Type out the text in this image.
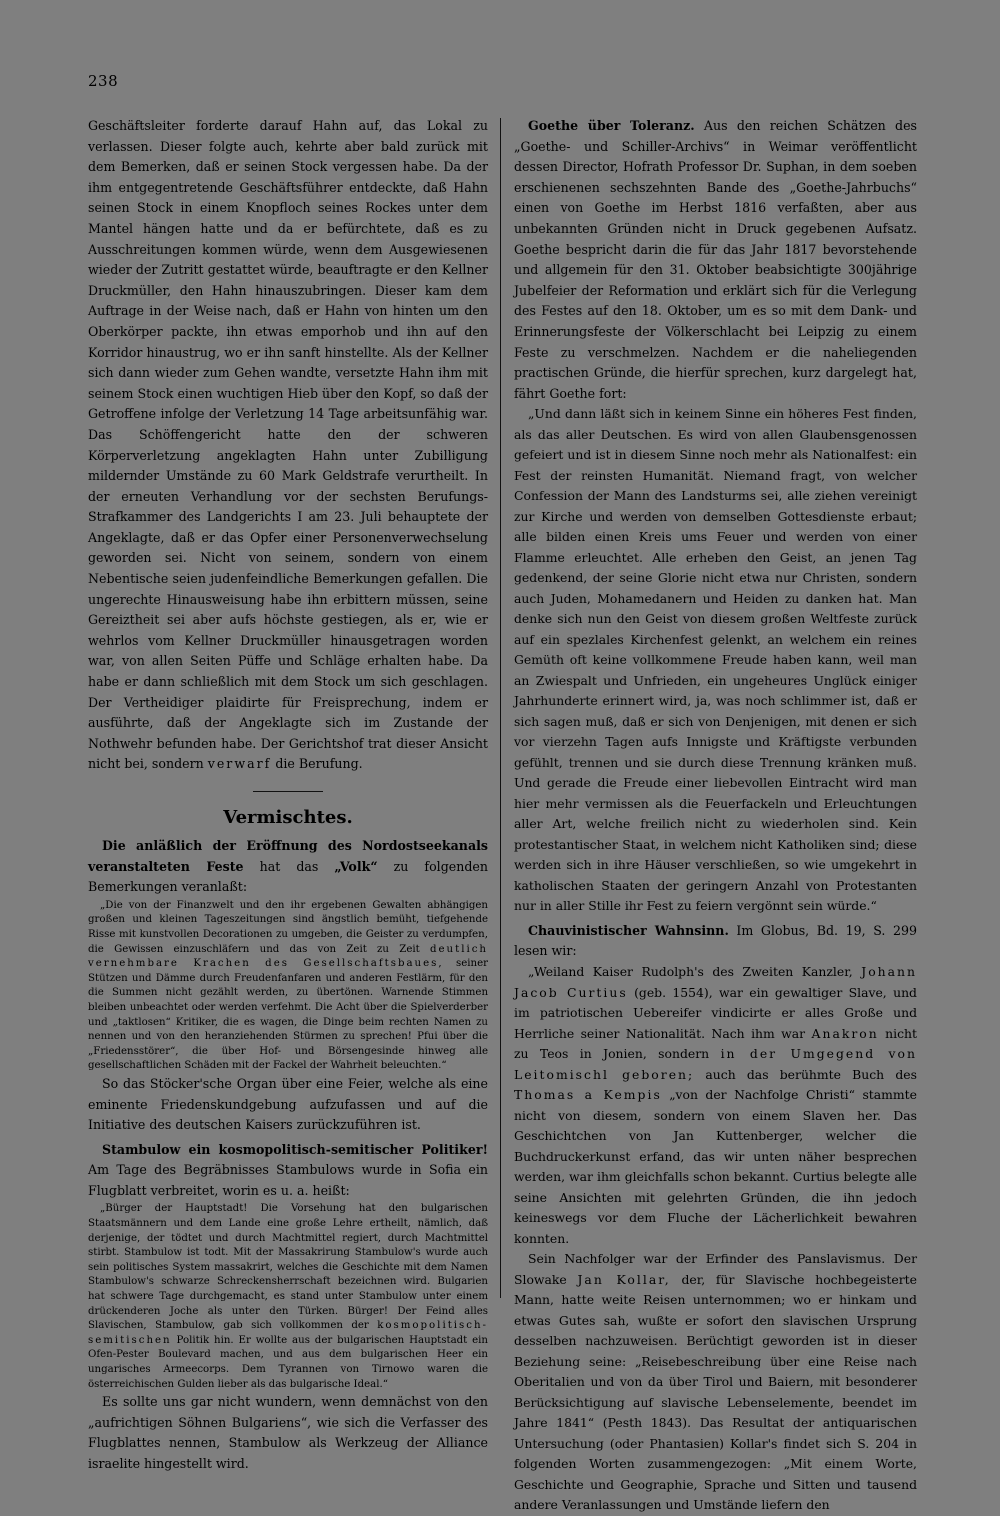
238

Geschäftsleiter forderte darauf Hahn auf, das Lokal zu verlassen. Dieser folgte auch, kehrte aber bald zurück mit dem Bemerken, daß er seinen Stock vergessen habe. Da der ihm entgegentretende Geschäftsführer entdeckte, daß Hahn seinen Stock in einem Knopfloch seines Rockes unter dem Mantel hängen hatte und da er befürchtete, daß es zu Ausschreitungen kommen würde, wenn dem Ausgewiesenen wieder der Zutritt gestattet würde, beauftragte er den Kellner Druckmüller, den Hahn hinauszubringen. Dieser kam dem Auftrage in der Weise nach, daß er Hahn von hinten um den Oberkörper packte, ihn etwas emporhob und ihn auf den Korridor hinaustrug, wo er ihn sanft hinstellte. Als der Kellner sich dann wieder zum Gehen wandte, versetzte Hahn ihm mit seinem Stock einen wuchtigen Hieb über den Kopf, so daß der Getroffene infolge der Verletzung 14 Tage arbeitsunfähig war. Das Schöffengericht hatte den der schweren Körperverletzung angeklagten Hahn unter Zubilligung mildernder Umstände zu 60 Mark Geldstrafe verurtheilt. In der erneuten Verhandlung vor der sechsten Berufungs-Strafkammer des Landgerichts I am 23. Juli behauptete der Angeklagte, daß er das Opfer einer Personenverwechselung geworden sei. Nicht von seinem, sondern von einem Nebentische seien judenfeindliche Bemerkungen gefallen. Die ungerechte Hinausweisung habe ihn erbittern müssen, seine Gereiztheit sei aber aufs höchste gestiegen, als er, wie er wehrlos vom Kellner Druckmüller hinausgetragen worden war, von allen Seiten Püffe und Schläge erhalten habe. Da habe er dann schließlich mit dem Stock um sich geschlagen. Der Vertheidiger plaidirte für Freisprechung, indem er ausführte, daß der Angeklagte sich im Zustande der Nothwehr befunden habe. Der Gerichtshof trat dieser Ansicht nicht bei, sondern verwarf die Berufung.

Vermischtes.

Die anläßlich der Eröffnung des Nordostseekanals veranstalteten Feste hat das „Volk“ zu folgenden Bemerkungen veranlaßt:

„Die von der Finanzwelt und den ihr ergebenen Gewalten abhängigen großen und kleinen Tageszeitungen sind ängstlich bemüht, tiefgehende Risse mit kunstvollen Decorationen zu umgeben, die Geister zu verdumpfen, die Gewissen einzuschläfern und das von Zeit zu Zeit deutlich vernehmbare Krachen des Gesellschaftsbaues, seiner Stützen und Dämme durch Freudenfanfaren und anderen Festlärm, für den die Summen nicht gezählt werden, zu übertönen. Warnende Stimmen bleiben unbeachtet oder werden verfehmt. Die Acht über die Spielverderber und „taktlosen“ Kritiker, die es wagen, die Dinge beim rechten Namen zu nennen und von den heranziehenden Stürmen zu sprechen! Pfui über die „Friedensstörer“, die über Hof- und Börsengesinde hinweg alle gesellschaftlichen Schäden mit der Fackel der Wahrheit beleuchten.“

So das Stöcker'sche Organ über eine Feier, welche als eine eminente Friedenskundgebung aufzufassen und auf die Initiative des deutschen Kaisers zurückzuführen ist.

Stambulow ein kosmopolitisch-semitischer Politiker! Am Tage des Begräbnisses Stambulows wurde in Sofia ein Flugblatt verbreitet, worin es u. a. heißt:

„Bürger der Hauptstadt! Die Vorsehung hat den bulgarischen Staatsmännern und dem Lande eine große Lehre ertheilt, nämlich, daß derjenige, der tödtet und durch Machtmittel regiert, durch Machtmittel stirbt. Stambulow ist todt. Mit der Massakrirung Stambulow's wurde auch sein politisches System massakrirt, welches die Geschichte mit dem Namen Stambulow's schwarze Schreckensherrschaft bezeichnen wird. Bulgarien hat schwere Tage durchgemacht, es stand unter Stambulow unter einem drückenderen Joche als unter den Türken. Bürger! Der Feind alles Slavischen, Stambulow, gab sich vollkommen der kosmopolitisch-semitischen Politik hin. Er wollte aus der bulgarischen Hauptstadt ein Ofen-Pester Boulevard machen, und aus dem bulgarischen Heer ein ungarisches Armeecorps. Dem Tyrannen von Tirnowo waren die österreichischen Gulden lieber als das bulgarische Ideal.“

Es sollte uns gar nicht wundern, wenn demnächst von den „aufrichtigen Söhnen Bulgariens“, wie sich die Verfasser des Flugblattes nennen, Stambulow als Werkzeug der Alliance israelite hingestellt wird.

Goethe über Toleranz. Aus den reichen Schätzen des „Goethe- und Schiller-Archivs“ in Weimar veröffentlicht dessen Director, Hofrath Professor Dr. Suphan, in dem soeben erschienenen sechszehnten Bande des „Goethe-Jahrbuchs“ einen von Goethe im Herbst 1816 verfaßten, aber aus unbekannten Gründen nicht in Druck gegebenen Aufsatz. Goethe bespricht darin die für das Jahr 1817 bevorstehende und allgemein für den 31. Oktober beabsichtigte 300jährige Jubelfeier der Reformation und erklärt sich für die Verlegung des Festes auf den 18. Oktober, um es so mit dem Dank- und Erinnerungsfeste der Völkerschlacht bei Leipzig zu einem Feste zu verschmelzen. Nachdem er die naheliegenden practischen Gründe, die hierfür sprechen, kurz dargelegt hat, fährt Goethe fort:

„Und dann läßt sich in keinem Sinne ein höheres Fest finden, als das aller Deutschen. Es wird von allen Glaubensgenossen gefeiert und ist in diesem Sinne noch mehr als Nationalfest: ein Fest der reinsten Humanität. Niemand fragt, von welcher Confession der Mann des Landsturms sei, alle ziehen vereinigt zur Kirche und werden von demselben Gottesdienste erbaut; alle bilden einen Kreis ums Feuer und werden von einer Flamme erleuchtet. Alle erheben den Geist, an jenen Tag gedenkend, der seine Glorie nicht etwa nur Christen, sondern auch Juden, Mohamedanern und Heiden zu danken hat. Man denke sich nun den Geist von diesem großen Weltfeste zurück auf ein spezlales Kirchenfest gelenkt, an welchem ein reines Gemüth oft keine vollkommene Freude haben kann, weil man an Zwiespalt und Unfrieden, ein ungeheures Unglück einiger Jahrhunderte erinnert wird, ja, was noch schlimmer ist, daß er sich sagen muß, daß er sich von Denjenigen, mit denen er sich vor vierzehn Tagen aufs Innigste und Kräftigste verbunden gefühlt, trennen und sie durch diese Trennung kränken muß. Und gerade die Freude einer liebevollen Eintracht wird man hier mehr vermissen als die Feuerfackeln und Erleuchtungen aller Art, welche freilich nicht zu wiederholen sind. Kein protestantischer Staat, in welchem nicht Katholiken sind; diese werden sich in ihre Häuser verschließen, so wie umgekehrt in katholischen Staaten der geringern Anzahl von Protestanten nur in aller Stille ihr Fest zu feiern vergönnt sein würde.“

Chauvinistischer Wahnsinn. Im Globus, Bd. 19, S. 299 lesen wir:

„Weiland Kaiser Rudolph's des Zweiten Kanzler, Johann Jacob Curtius (geb. 1554), war ein gewaltiger Slave, und im patriotischen Uebereifer vindicirte er alles Große und Herrliche seiner Nationalität. Nach ihm war Anakron nicht zu Teos in Jonien, sondern in der Umgegend von Leitomischl geboren; auch das berühmte Buch des Thomas a Kempis „von der Nachfolge Christi“ stammte nicht von diesem, sondern von einem Slaven her. Das Geschichtchen von Jan Kuttenberger, welcher die Buchdruckerkunst erfand, das wir unten näher besprechen werden, war ihm gleichfalls schon bekannt. Curtius belegte alle seine Ansichten mit gelehrten Gründen, die ihn jedoch keineswegs vor dem Fluche der Lächerlichkeit bewahren konnten.

Sein Nachfolger war der Erfinder des Panslavismus. Der Slowake Jan Kollar, der, für Slavische hochbegeisterte Mann, hatte weite Reisen unternommen; wo er hinkam und etwas Gutes sah, wußte er sofort den slavischen Ursprung desselben nachzuweisen. Berüchtigt geworden ist in dieser Beziehung seine: „Reisebeschreibung über eine Reise nach Oberitalien und von da über Tirol und Baiern, mit besonderer Berücksichtigung auf slavische Lebenselemente, beendet im Jahre 1841“ (Pesth 1843). Das Resultat der antiquarischen Untersuchung (oder Phantasien) Kollar's findet sich S. 204 in folgenden Worten zusammengezogen: „Mit einem Worte, Geschichte und Geographie, Sprache und Sitten und tausend andere Veranlassungen und Umstände liefern den
